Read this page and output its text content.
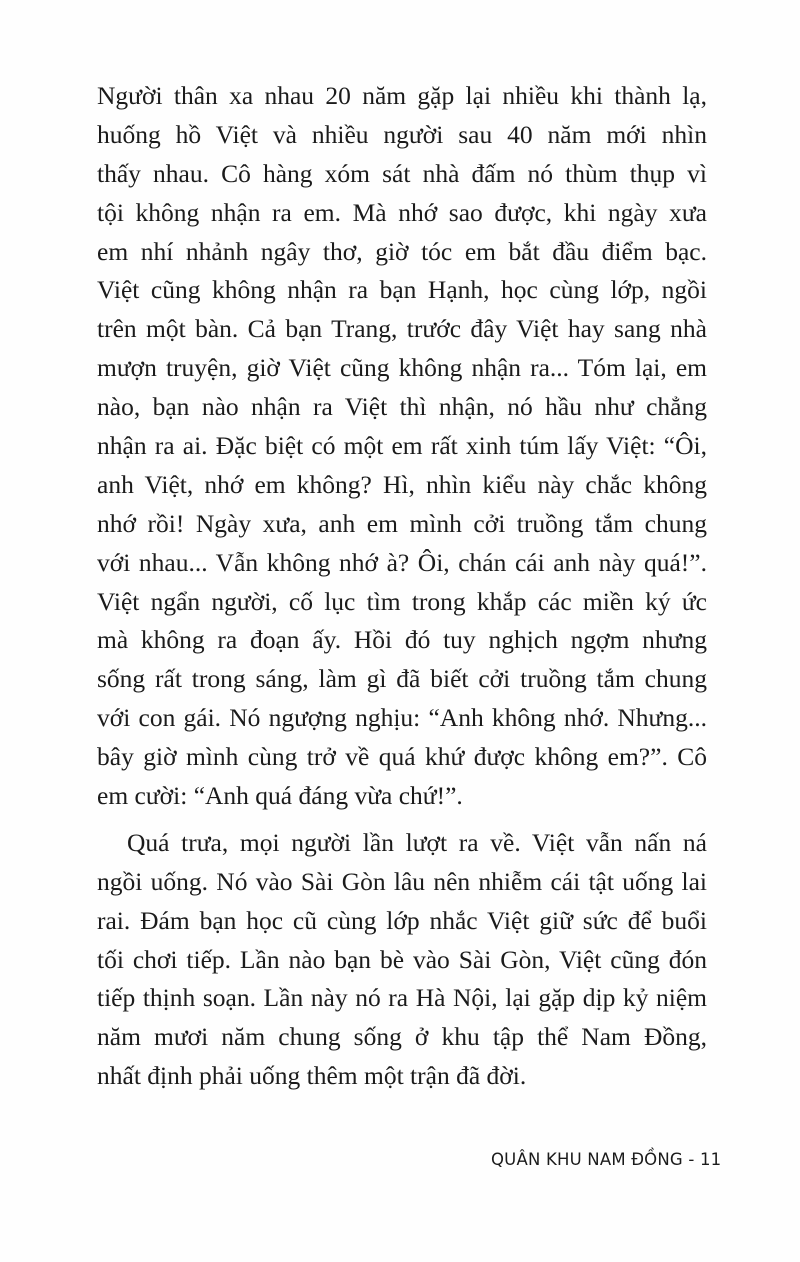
Người thân xa nhau 20 năm gặp lại nhiều khi thành lạ,
huống hồ Việt và nhiều người sau 40 năm mới nhìn
thấy nhau. Cô hàng xóm sát nhà đấm nó thùm thụp vì
tội không nhận ra em. Mà nhớ sao được, khi ngày xưa
em nhí nhảnh ngây thơ, giờ tóc em bắt đầu điểm bạc.
Việt cũng không nhận ra bạn Hạnh, học cùng lớp, ngồi
trên một bàn. Cả bạn Trang, trước đây Việt hay sang nhà
mượn truyện, giờ Việt cũng không nhận ra... Tóm lại, em
nào, bạn nào nhận ra Việt thì nhận, nó hầu như chẳng
nhận ra ai. Đặc biệt có một em rất xinh túm lấy Việt: “Ôi,
anh Việt, nhớ em không? Hì, nhìn kiểu này chắc không
nhớ rồi! Ngày xưa, anh em mình cởi truồng tắm chung
với nhau... Vẫn không nhớ à? Ôi, chán cái anh này quá!”.
Việt ngẩn người, cố lục tìm trong khắp các miền ký ức
mà không ra đoạn ấy. Hồi đó tuy nghịch ngợm nhưng
sống rất trong sáng, làm gì đã biết cởi truồng tắm chung
với con gái. Nó ngượng nghịu: “Anh không nhớ. Nhưng...
bây giờ mình cùng trở về quá khứ được không em?”. Cô
em cười: “Anh quá đáng vừa chứ!”.
Quá trưa, mọi người lần lượt ra về. Việt vẫn nấn ná
ngồi uống. Nó vào Sài Gòn lâu nên nhiễm cái tật uống lai
rai. Đám bạn học cũ cùng lớp nhắc Việt giữ sức để buổi
tối chơi tiếp. Lần nào bạn bè vào Sài Gòn, Việt cũng đón
tiếp thịnh soạn. Lần này nó ra Hà Nội, lại gặp dịp kỷ niệm
năm mươi năm chung sống ở khu tập thể Nam Đồng,
nhất định phải uống thêm một trận đã đời.
QUÂN KHU NAM ĐỒNG - 11
